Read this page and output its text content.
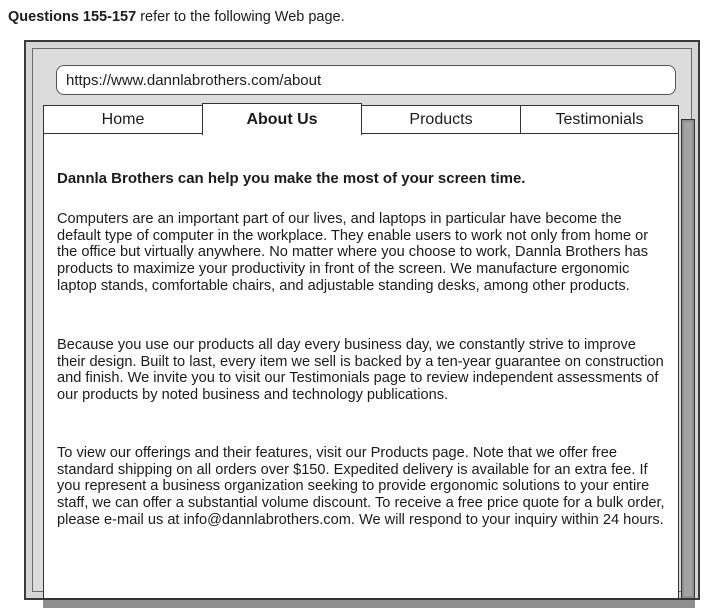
Questions 155-157 refer to the following Web page.
https://www.dannlabrothers.com/about
Home	About Us	Products	Testimonials
Dannla Brothers can help you make the most of your screen time.

Computers are an important part of our lives, and laptops in particular have become the default type of computer in the workplace. They enable users to work not only from home or the office but virtually anywhere. No matter where you choose to work, Dannla Brothers has products to maximize your productivity in front of the screen. We manufacture ergonomic laptop stands, comfortable chairs, and adjustable standing desks, among other products.

Because you use our products all day every business day, we constantly strive to improve their design. Built to last, every item we sell is backed by a ten-year guarantee on construction and finish. We invite you to visit our Testimonials page to review independent assessments of our products by noted business and technology publications.

To view our offerings and their features, visit our Products page. Note that we offer free standard shipping on all orders over $150. Expedited delivery is available for an extra fee. If you represent a business organization seeking to provide ergonomic solutions to your entire staff, we can offer a substantial volume discount. To receive a free price quote for a bulk order, please e-mail us at info@dannlabrothers.com. We will respond to your inquiry within 24 hours.
